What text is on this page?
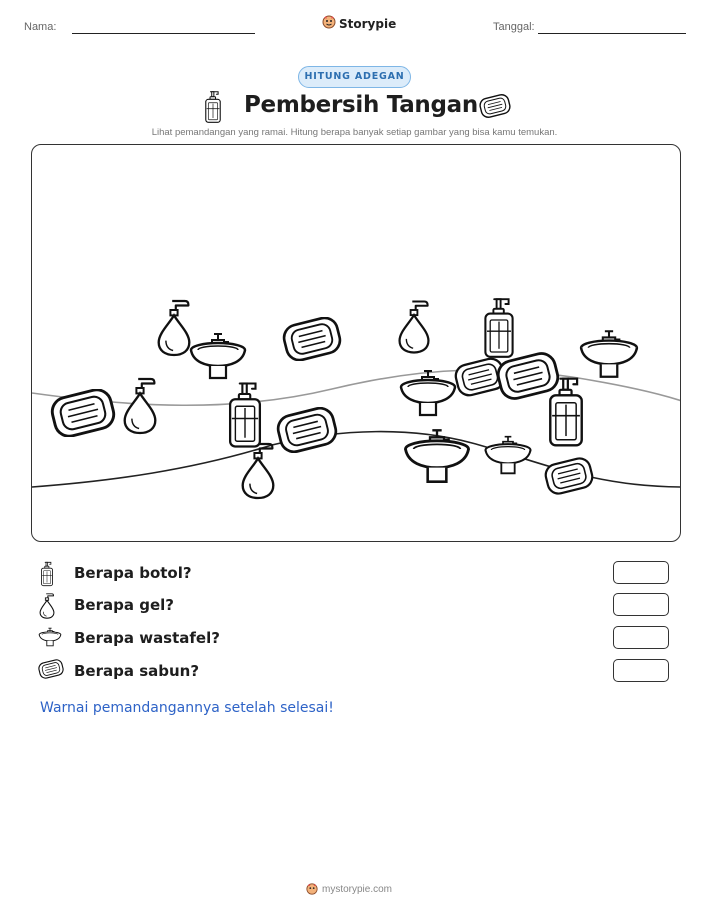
Nama:	Storypie	Tanggal:
HITUNG ADEGAN
Pembersih Tangan
Lihat pemandangan yang ramai. Hitung berapa banyak setiap gambar yang bisa kamu temukan.
Berapa botol?
Berapa gel?
Berapa wastafel?
Berapa sabun?
Warnai pemandangannya setelah selesai!
mystorypie.com
